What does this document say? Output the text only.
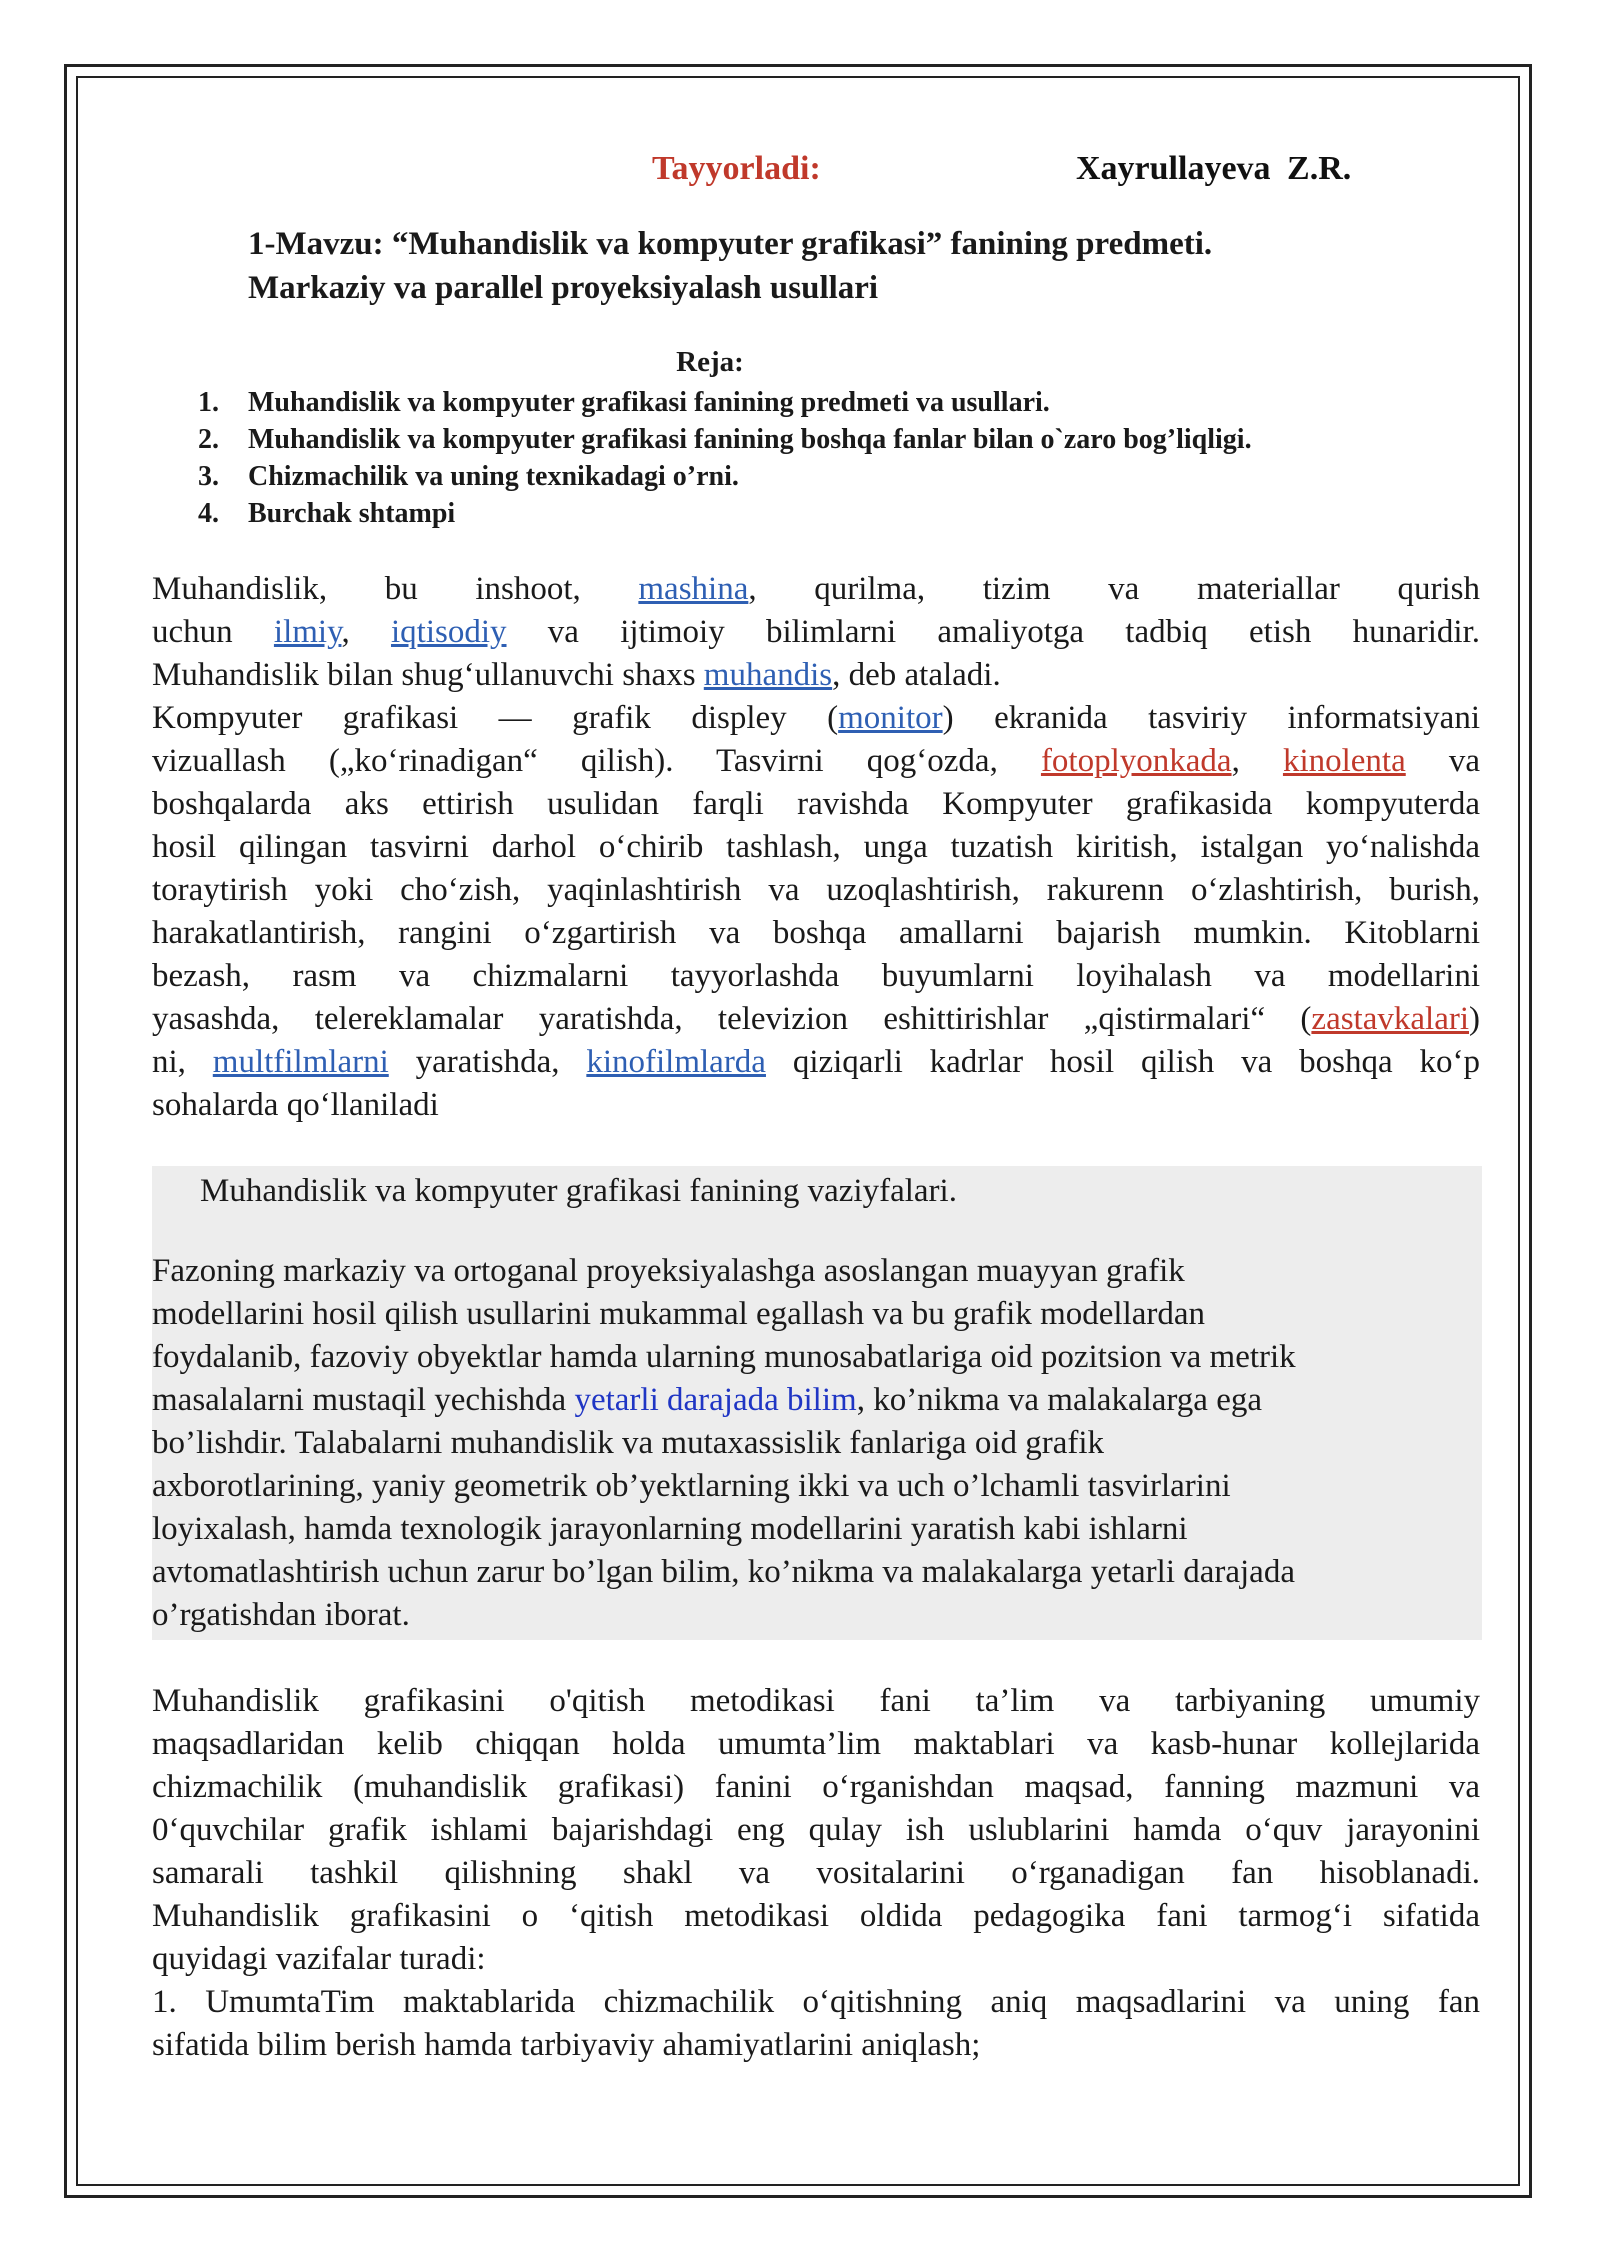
Tayyorladi:	Xayrullayeva Z.R.
1-Mavzu: “Muhandislik va kompyuter grafikasi” fanining predmeti.
Markaziy va parallel proyeksiyalash usullari
Reja:
1.	Muhandislik va kompyuter grafikasi fanining predmeti va usullari.
2.	Muhandislik va kompyuter grafikasi fanining boshqa fanlar bilan o`zaro bog’liqligi.
3.	Chizmachilik va uning texnikadagi o’rni.
4.	Burchak shtampi
Muhandislik, bu inshoot, mashina, qurilma, tizim va materiallar qurish
uchun ilmiy, iqtisodiy va ijtimoiy bilimlarni amaliyotga tadbiq etish hunaridir.
Muhandislik bilan shug‘ullanuvchi shaxs muhandis, deb ataladi.
Kompyuter grafikasi — grafik displey (monitor) ekranida tasviriy informatsiyani
vizuallash („ko‘rinadigan“ qilish). Tasvirni qog‘ozda, fotoplyonkada, kinolenta va
boshqalarda aks ettirish usulidan farqli ravishda Kompyuter grafikasida kompyuterda
hosil qilingan tasvirni darhol o‘chirib tashlash, unga tuzatish kiritish, istalgan yo‘nalishda
toraytirish yoki cho‘zish, yaqinlashtirish va uzoqlashtirish, rakurenn o‘zlashtirish, burish,
harakatlantirish, rangini o‘zgartirish va boshqa amallarni bajarish mumkin. Kitoblarni
bezash, rasm va chizmalarni tayyorlashda buyumlarni loyihalash va modellarini
yasashda, telereklamalar yaratishda, televizion eshittirishlar „qistirmalari“ (zastavkalari)
ni, multfilmlarni yaratishda, kinofilmlarda qiziqarli kadrlar hosil qilish va boshqa ko‘p
sohalarda qo‘llaniladi
Muhandislik va kompyuter grafikasi fanining vaziyfalari.
Fazoning markaziy va ortoganal proyeksiyalashga asoslangan muayyan grafik
modellarini hosil qilish usullarini mukammal egallash va bu grafik modellardan
foydalanib, fazoviy obyektlar hamda ularning munosabatlariga oid pozitsion va metrik
masalalarni mustaqil yechishda yetarli darajada bilim, ko’nikma va malakalarga ega
bo’lishdir. Talabalarni muhandislik va mutaxassislik fanlariga oid grafik
axborotlarining, yaniy geometrik ob’yektlarning ikki va uch o’lchamli tasvirlarini
loyixalash, hamda texnologik jarayonlarning modellarini yaratish kabi ishlarni
avtomatlashtirish uchun zarur bo’lgan bilim, ko’nikma va malakalarga yetarli darajada
o’rgatishdan iborat.
Muhandislik grafikasini o'qitish metodikasi fani ta’lim va tarbiyaning umumiy
maqsadlaridan kelib chiqqan holda umumta’lim maktablari va kasb-hunar kollejlarida
chizmachilik (muhandislik grafikasi) fanini o‘rganishdan maqsad, fanning mazmuni va
0‘quvchilar grafik ishlami bajarishdagi eng qulay ish uslublarini hamda o‘quv jarayonini
samarali tashkil qilishning shakl va vositalarini o‘rganadigan fan hisoblanadi.
Muhandislik grafikasini o ‘qitish metodikasi oldida pedagogika fani tarmog‘i sifatida
quyidagi vazifalar turadi:
1. UmumtaTim maktablarida chizmachilik o‘qitishning aniq maqsadlarini va uning fan
sifatida bilim berish hamda tarbiyaviy ahamiyatlarini aniqlash;
